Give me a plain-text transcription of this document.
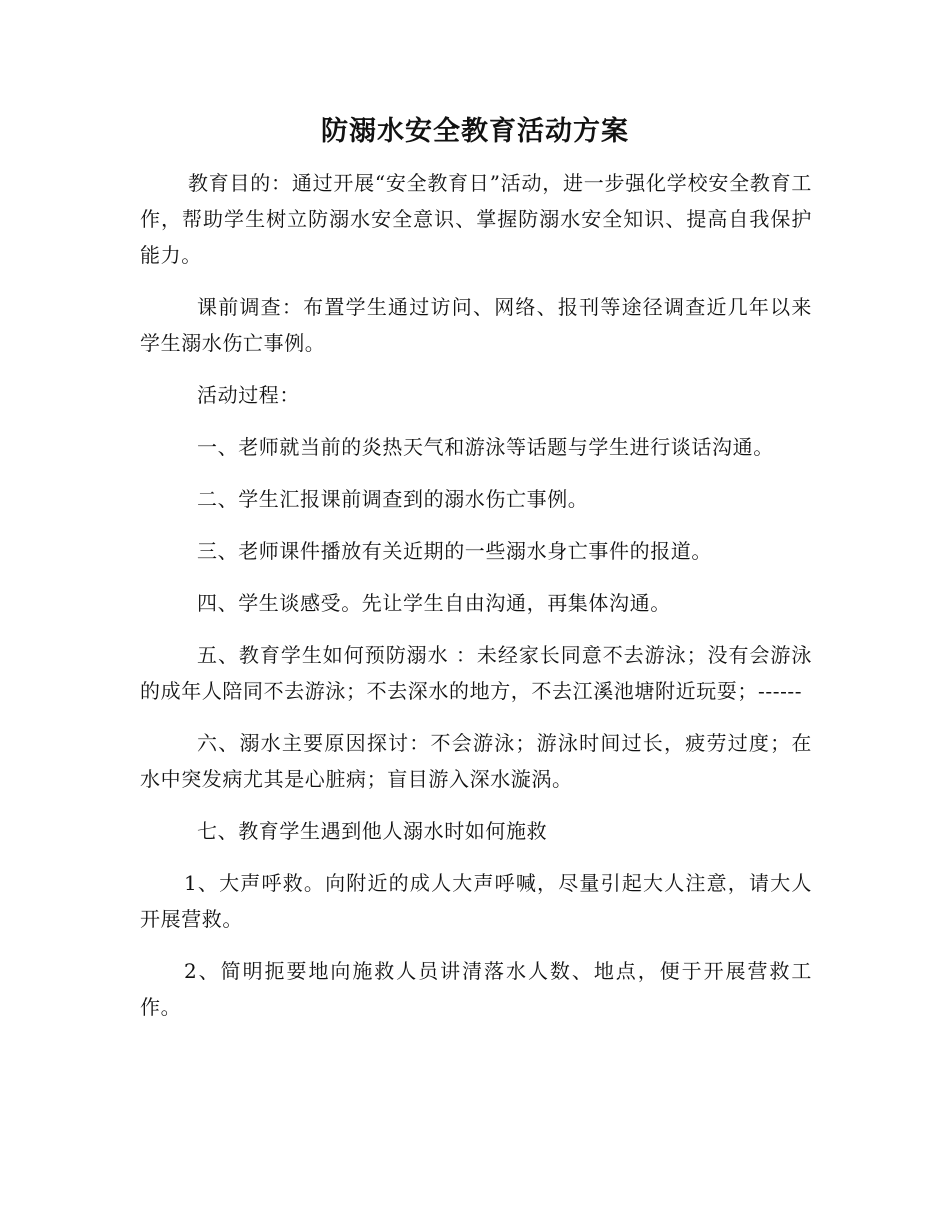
防溺水安全教育活动方案

教育目的：通过开展“安全教育日”活动，进一步强化学校安全教育工作，帮助学生树立防溺水安全意识、掌握防溺水安全知识、提高自我保护能力。

课前调查：布置学生通过访问、网络、报刊等途径调查近几年以来学生溺水伤亡事例。

活动过程：

一、老师就当前的炎热天气和游泳等话题与学生进行谈话沟通。

二、学生汇报课前调查到的溺水伤亡事例。

三、老师课件播放有关近期的一些溺水身亡事件的报道。

四、学生谈感受。先让学生自由沟通，再集体沟通。

五、教育学生如何预防溺水 ：未经家长同意不去游泳；没有会游泳的成年人陪同不去游泳；不去深水的地方，不去江溪池塘附近玩耍；------

六、溺水主要原因探讨：不会游泳；游泳时间过长，疲劳过度；在水中突发病尤其是心脏病；盲目游入深水漩涡。

七、教育学生遇到他人溺水时如何施救

1、大声呼救。向附近的成人大声呼喊，尽量引起大人注意，请大人开展营救。

2、简明扼要地向施救人员讲清落水人数、地点，便于开展营救工作。
